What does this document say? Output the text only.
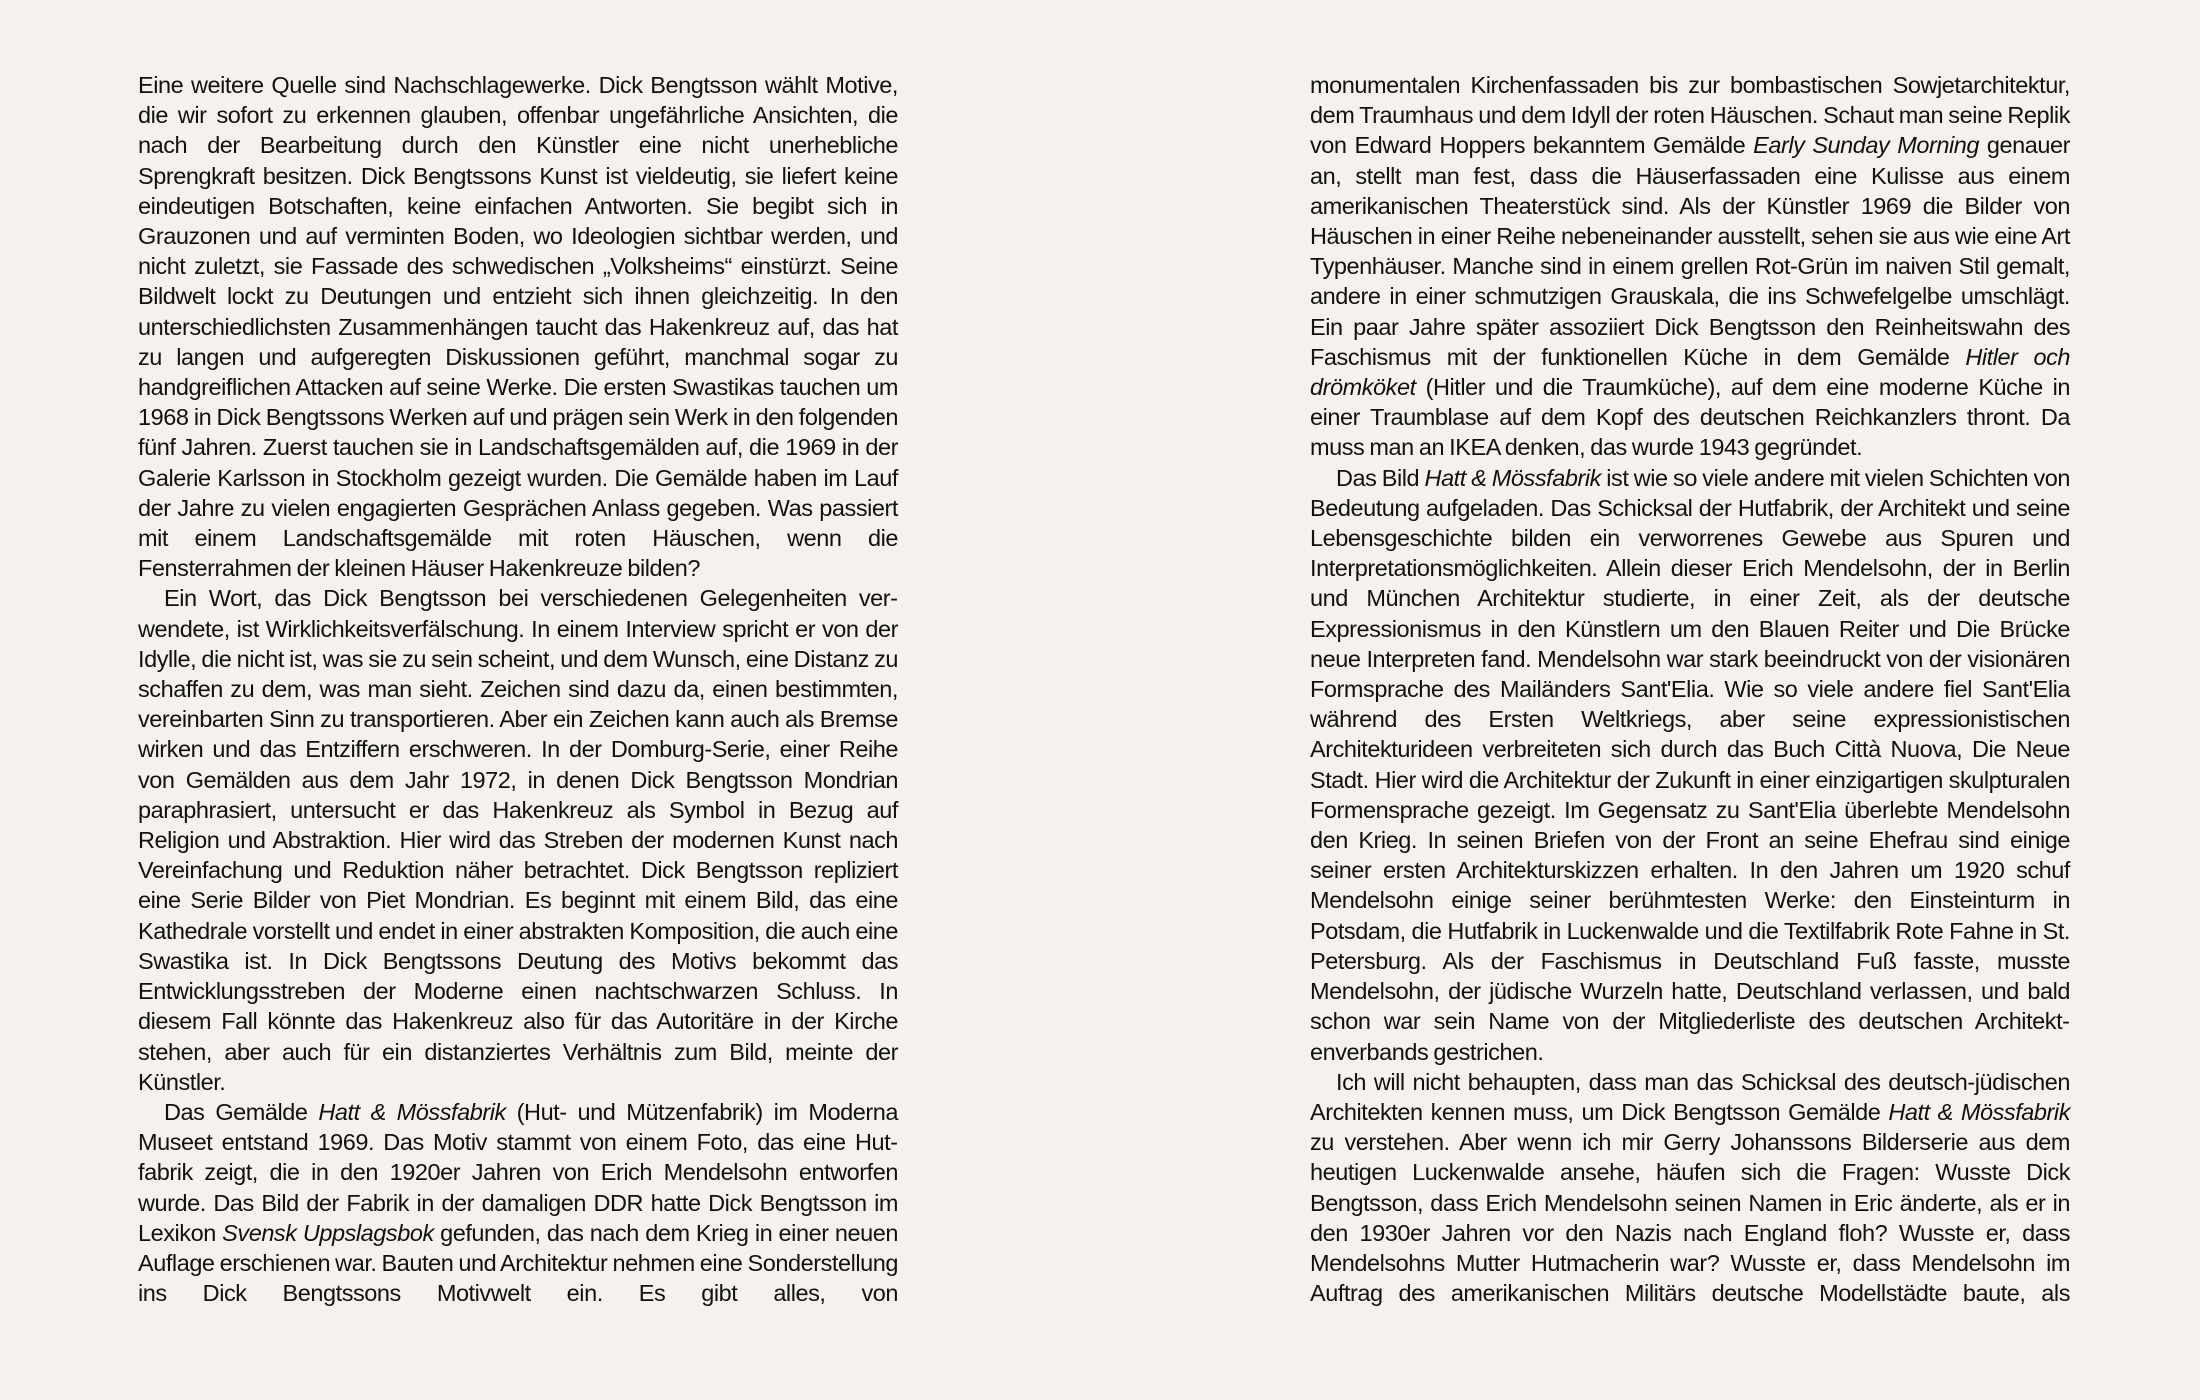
Eine weitere Quelle sind Nachschlagewerke. Dick Bengtsson wählt Motive, die wir sofort zu erkennen glauben, offenbar ungefährliche Ansichten, die nach der Bearbeitung durch den Künstler eine nicht unerhebliche Sprengkraft besitzen. Dick Bengtssons Kunst ist vieldeutig, sie liefert keine eindeutigen Botschaften, keine einfachen Antworten. Sie begibt sich in Grauzonen und auf verminten Boden, wo Ideologien sichtbar werden, und nicht zuletzt, sie Fassade des schwedischen „Volksheims“ einstürzt. Seine Bildwelt lockt zu Deutungen und entzieht sich ihnen gleichzeitig. In den unterschiedlichsten Zusammenhängen taucht das Hakenkreuz auf, das hat zu langen und aufgeregten Diskussionen geführt, manchmal sogar zu handgreiflichen Attacken auf seine Werke. Die ersten Swastikas tauchen um 1968 in Dick Bengtssons Werken auf und prägen sein Werk in den folgenden fünf Jahren. Zuerst tauchen sie in Landschaftsgemälden auf, die 1969 in der Galerie Karlsson in Stockholm gezeigt wurden. Die Gemälde haben im Lauf der Jahre zu vielen engagierten Gesprächen Anlass gegeben. Was passiert mit einem Landschaftsgemälde mit roten Häuschen, wenn die Fensterrahmen der kleinen Häuser Hakenkreuze bilden?

Ein Wort, das Dick Bengtsson bei verschiedenen Gelegenheiten verwendete, ist Wirklichkeitsverfälschung. In einem Interview spricht er von der Idylle, die nicht ist, was sie zu sein scheint, und dem Wunsch, eine Distanz zu schaffen zu dem, was man sieht. Zeichen sind dazu da, einen bestimmten, vereinbarten Sinn zu transportieren. Aber ein Zeichen kann auch als Bremse wirken und das Entziffern erschweren. In der Domburg-Serie, einer Reihe von Gemälden aus dem Jahr 1972, in denen Dick Bengtsson Mondrian paraphrasiert, untersucht er das Hakenkreuz als Symbol in Bezug auf Religion und Abstraktion. Hier wird das Streben der modernen Kunst nach Vereinfachung und Reduktion näher betrachtet. Dick Bengtsson repliziert eine Serie Bilder von Piet Mondrian. Es beginnt mit einem Bild, das eine Kathedrale vorstellt und endet in einer abstrakten Komposition, die auch eine Swastika ist. In Dick Bengtssons Deutung des Motivs bekommt das Entwicklungsstreben der Moderne einen nachtschwarzen Schluss. In diesem Fall könnte das Hakenkreuz also für das Autoritäre in der Kirche stehen, aber auch für ein distanziertes Verhältnis zum Bild, meinte der Künstler.

Das Gemälde Hatt & Mössfabrik (Hut- und Mützenfabrik) im Moderna Museet entstand 1969. Das Motiv stammt von einem Foto, das eine Hutfabrik zeigt, die in den 1920er Jahren von Erich Mendelsohn entworfen wurde. Das Bild der Fabrik in der damaligen DDR hatte Dick Bengtsson im Lexikon Svensk Uppslagsbok gefunden, das nach dem Krieg in einer neuen Auflage erschienen war. Bauten und Architektur nehmen eine Sonderstellung ins Dick Bengtssons Motivwelt ein. Es gibt alles, von

monumentalen Kirchenfassaden bis zur bombastischen Sowjetarchitektur, dem Traumhaus und dem Idyll der roten Häuschen. Schaut man seine Replik von Edward Hoppers bekanntem Gemälde Early Sunday Morning genauer an, stellt man fest, dass die Häuserfassaden eine Kulisse aus einem amerikanischen Theaterstück sind. Als der Künstler 1969 die Bilder von Häuschen in einer Reihe nebeneinander ausstellt, sehen sie aus wie eine Art Typenhäuser. Manche sind in einem grellen Rot-Grün im naiven Stil gemalt, andere in einer schmutzigen Grauskala, die ins Schwefelgelbe umschlägt. Ein paar Jahre später assoziiert Dick Bengtsson den Reinheitswahn des Faschismus mit der funktionellen Küche in dem Gemälde Hitler och drömköket (Hitler und die Traumküche), auf dem eine moderne Küche in einer Traumblase auf dem Kopf des deutschen Reichkanzlers thront. Da muss man an IKEA denken, das wurde 1943 gegründet.

Das Bild Hatt & Mössfabrik ist wie so viele andere mit vielen Schichten von Bedeutung aufgeladen. Das Schicksal der Hutfabrik, der Architekt und seine Lebensgeschichte bilden ein verworrenes Gewebe aus Spuren und Interpretationsmöglichkeiten. Allein dieser Erich Mendelsohn, der in Berlin und München Architektur studierte, in einer Zeit, als der deutsche Expressionismus in den Künstlern um den Blauen Reiter und Die Brücke neue Interpreten fand. Mendelsohn war stark beeindruckt von der visionären Formsprache des Mailänders Sant'Elia. Wie so viele andere fiel Sant'Elia während des Ersten Weltkriegs, aber seine expressionistischen Architekturideen verbreiteten sich durch das Buch Città Nuova, Die Neue Stadt. Hier wird die Architektur der Zukunft in einer einzigartigen skulpturalen Formensprache gezeigt. Im Gegensatz zu Sant'Elia überlebte Mendelsohn den Krieg. In seinen Briefen von der Front an seine Ehefrau sind einige seiner ersten Architekturskizzen erhalten. In den Jahren um 1920 schuf Mendelsohn einige seiner berühmtesten Werke: den Einsteinturm in Potsdam, die Hutfabrik in Luckenwalde und die Textilfabrik Rote Fahne in St. Petersburg. Als der Faschismus in Deutschland Fuß fasste, musste Mendelsohn, der jüdische Wurzeln hatte, Deutschland verlassen, und bald schon war sein Name von der Mitgliederliste des deutschen Architektenverbands gestrichen.

Ich will nicht behaupten, dass man das Schicksal des deutsch-jüdischen Architekten kennen muss, um Dick Bengtsson Gemälde Hatt & Mössfabrik zu verstehen. Aber wenn ich mir Gerry Johanssons Bilderserie aus dem heutigen Luckenwalde ansehe, häufen sich die Fragen: Wusste Dick Bengtsson, dass Erich Mendelsohn seinen Namen in Eric änderte, als er in den 1930er Jahren vor den Nazis nach England floh? Wusste er, dass Mendelsohns Mutter Hutmacherin war? Wusste er, dass Mendelsohn im Auftrag des amerikanischen Militärs deutsche Modellstädte baute, als
